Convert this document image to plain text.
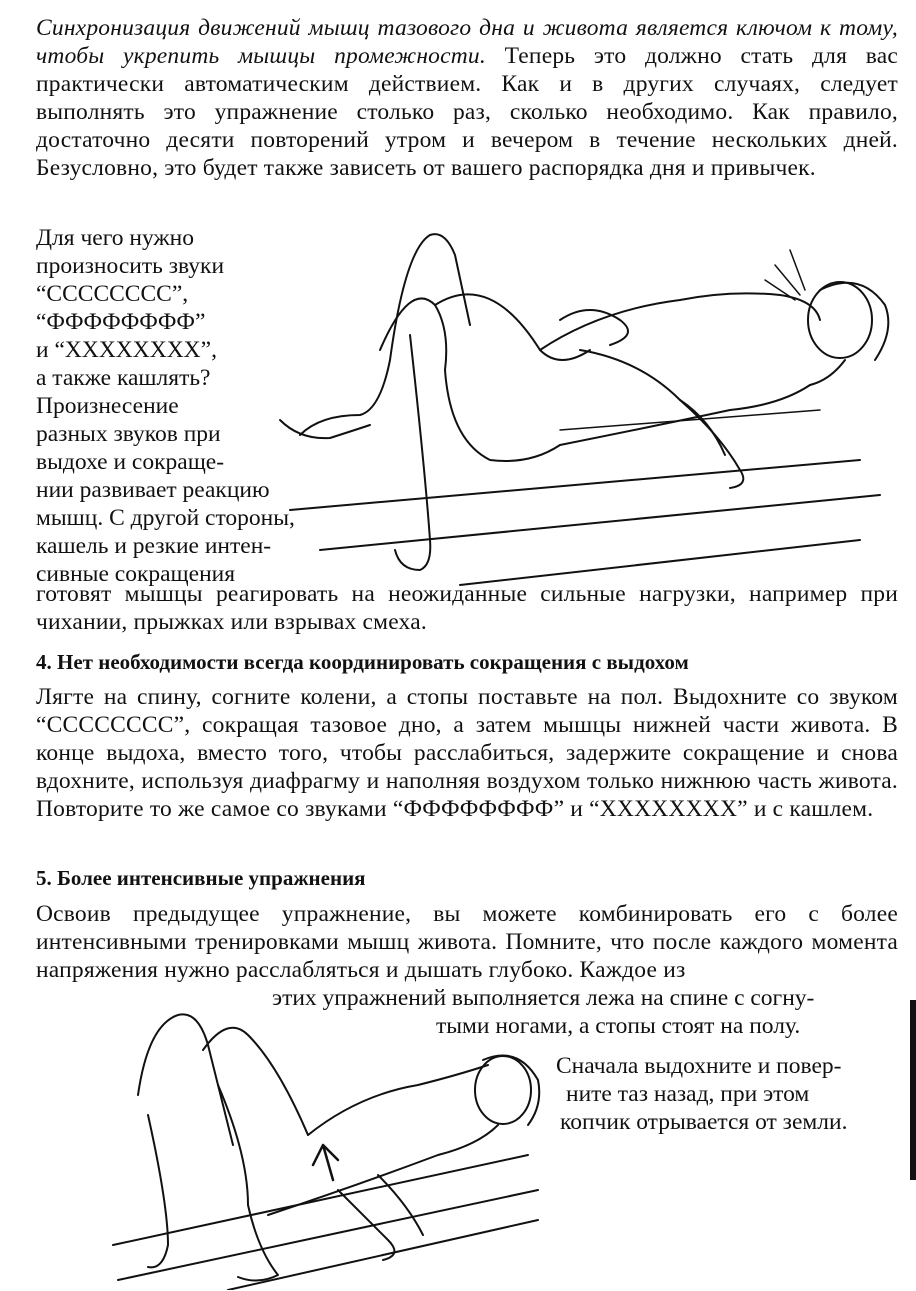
Синхронизация движений мышц тазового дна и живота является ключом к тому, чтобы укрепить мышцы промежности. Теперь это должно стать для вас практически автоматическим действием. Как и в других случаях, следует выполнять это упражнение столько раз, сколько необходимо. Как правило, достаточно десяти повторений утром и вечером в течение нескольких дней. Безусловно, это будет также зависеть от вашего распорядка дня и привычек.
Для чего нужно
произносить звуки
“СССССССС”,
“ФФФФФФФФ”
и “ХХХХХХХХ”,
а также кашлять?
Произнесение
разных звуков при
выдохе и сокраще-
нии развивает реакцию
мышц. С другой стороны,
кашель и резкие интен-
сивные сокращения
готовят мышцы реагировать на неожиданные сильные нагрузки, например при чихании, прыжках или взрывах смеха.
4. Нет необходимости всегда координировать сокращения с выдохом
Лягте на спину, согните колени, а стопы поставьте на пол. Выдохните со звуком “СССССССС”, сокращая тазовое дно, а затем мышцы нижней части живота. В конце выдоха, вместо того, чтобы расслабиться, задержите сокращение и снова вдохните, используя диафрагму и наполняя воздухом только нижнюю часть живота. Повторите то же самое со звуками “ФФФФФФФФ” и “ХХХХХХХХ” и с кашлем.
5. Более интенсивные упражнения
Освоив предыдущее упражнение, вы можете комбинировать его с более интенсивными тренировками мышц живота. Помните, что после каждого момента напряжения нужно расслабляться и дышать глубоко. Каждое из
этих упражнений выполняется лежа на спине с согну-
тыми ногами, а стопы стоят на полу.
Сначала выдохните и повер-
ните таз назад, при этом
копчик отрывается от земли.
